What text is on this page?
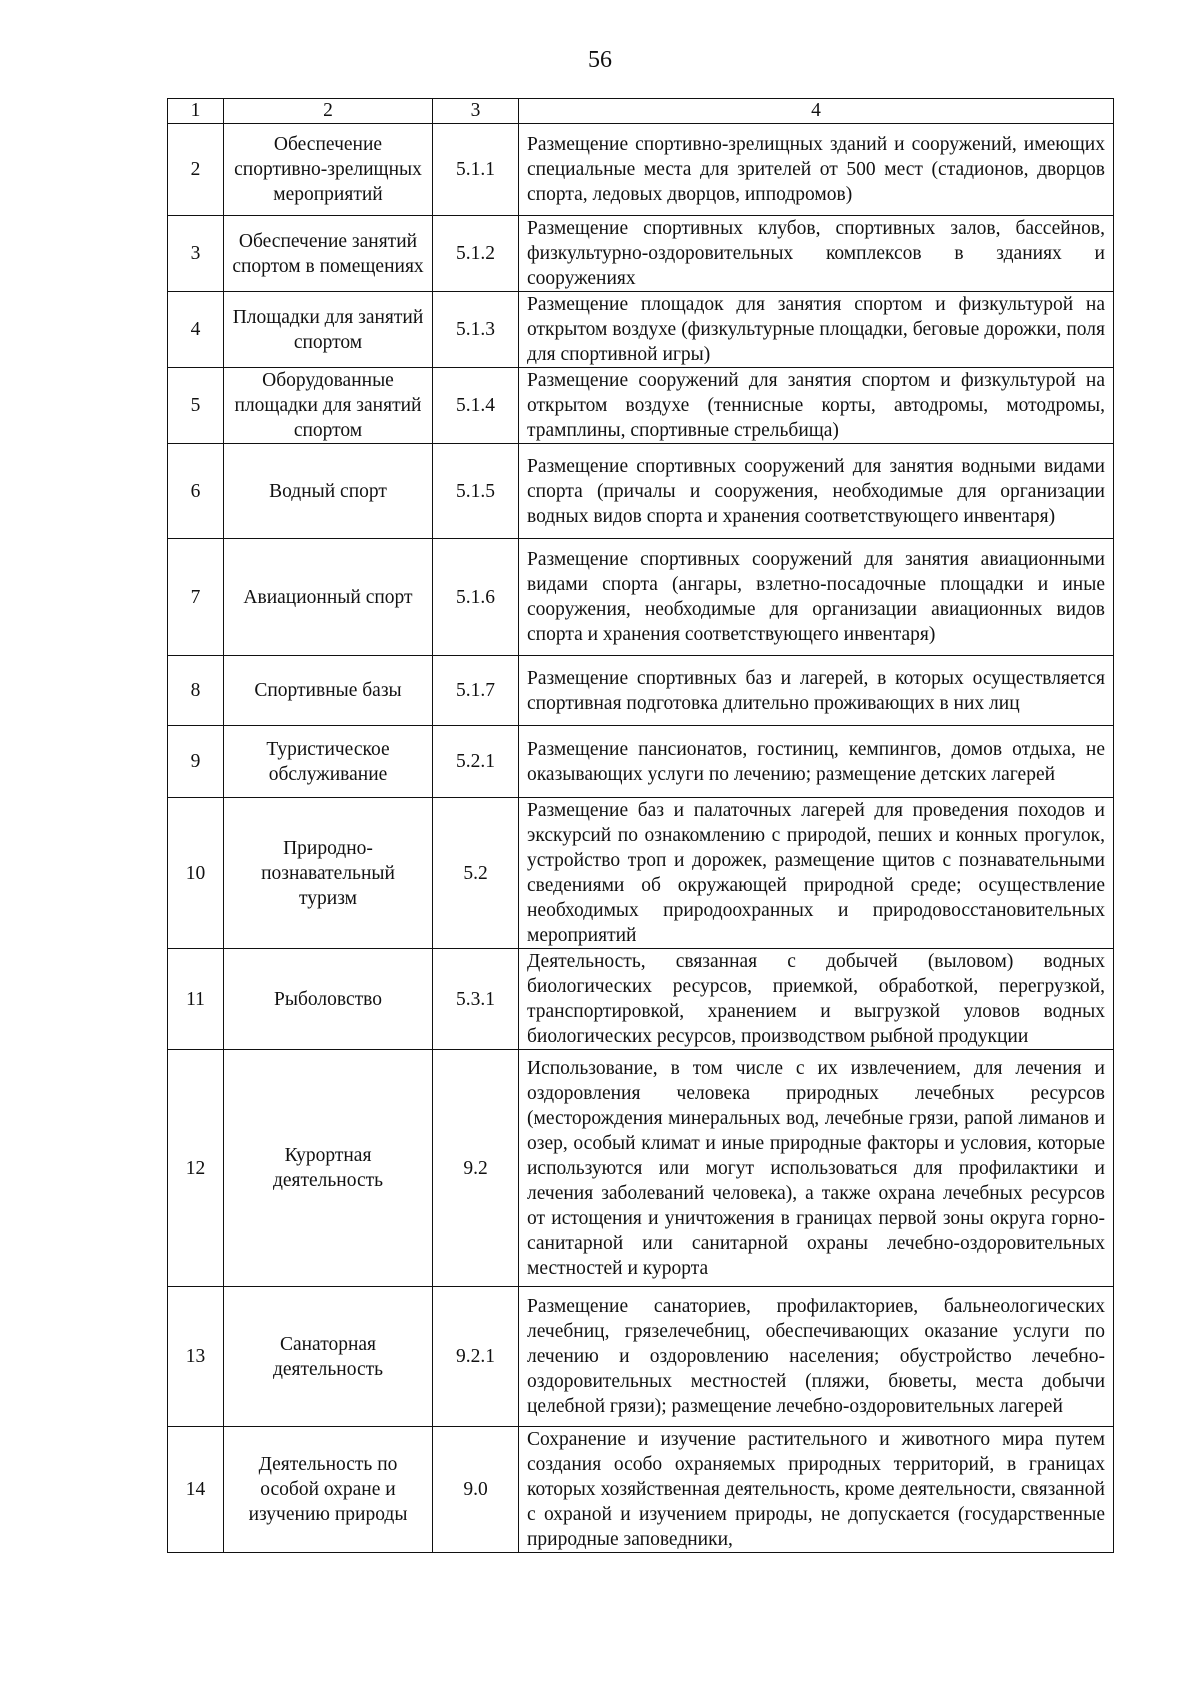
56
1	2	3	4
2	Обеспечение спортивно-зрелищных мероприятий	5.1.1	Размещение спортивно-зрелищных зданий и сооружений, имеющих специальные места для зрителей от 500 мест (стадионов, дворцов спорта, ледовых дворцов, ипподромов)
3	Обеспечение занятий спортом в помещениях	5.1.2	Размещение спортивных клубов, спортивных залов, бассейнов, физкультурно-оздоровительных комплексов в зданиях и сооружениях
4	Площадки для занятий спортом	5.1.3	Размещение площадок для занятия спортом и физкультурой на открытом воздухе (физкультурные площадки, беговые дорожки, поля для спортивной игры)
5	Оборудованные площадки для занятий спортом	5.1.4	Размещение сооружений для занятия спортом и физкультурой на открытом воздухе (теннисные корты, автодромы, мотодромы, трамплины, спортивные стрельбища)
6	Водный спорт	5.1.5	Размещение спортивных сооружений для занятия водными видами спорта (причалы и сооружения, необходимые для организации водных видов спорта и хранения соответствующего инвентаря)
7	Авиационный спорт	5.1.6	Размещение спортивных сооружений для занятия авиационными видами спорта (ангары, взлетно-посадочные площадки и иные сооружения, необходимые для организации авиационных видов спорта и хранения соответствующего инвентаря)
8	Спортивные базы	5.1.7	Размещение спортивных баз и лагерей, в которых осуществляется спортивная подготовка длительно проживающих в них лиц
9	Туристическое обслуживание	5.2.1	Размещение пансионатов, гостиниц, кемпингов, домов отдыха, не оказывающих услуги по лечению; размещение детских лагерей
10	Природно-познавательный туризм	5.2	Размещение баз и палаточных лагерей для проведения походов и экскурсий по ознакомлению с природой, пеших и конных прогулок, устройство троп и дорожек, размещение щитов с познавательными сведениями об окружающей природной среде; осуществление необходимых природоохранных и природовосстановительных мероприятий
11	Рыболовство	5.3.1	Деятельность, связанная с добычей (выловом) водных биологических ресурсов, приемкой, обработкой, перегрузкой, транспортировкой, хранением и выгрузкой уловов водных биологических ресурсов, производством рыбной продукции
12	Курортная деятельность	9.2	Использование, в том числе с их извлечением, для лечения и оздоровления человека природных лечебных ресурсов (месторождения минеральных вод, лечебные грязи, рапой лиманов и озер, особый климат и иные природные факторы и условия, которые используются или могут использоваться для профилактики и лечения заболеваний человека), а также охрана лечебных ресурсов от истощения и уничтожения в границах первой зоны округа горно-санитарной или санитарной охраны лечебно-оздоровительных местностей и курорта
13	Санаторная деятельность	9.2.1	Размещение санаториев, профилакториев, бальнеологических лечебниц, грязелечебниц, обеспечивающих оказание услуги по лечению и оздоровлению населения; обустройство лечебно-оздоровительных местностей (пляжи, бюветы, места добычи целебной грязи); размещение лечебно-оздоровительных лагерей
14	Деятельность по особой охране и изучению природы	9.0	Сохранение и изучение растительного и животного мира путем создания особо охраняемых природных территорий, в границах которых хозяйственная деятельность, кроме деятельности, связанной с охраной и изучением природы, не допускается (государственные природные заповедники,
